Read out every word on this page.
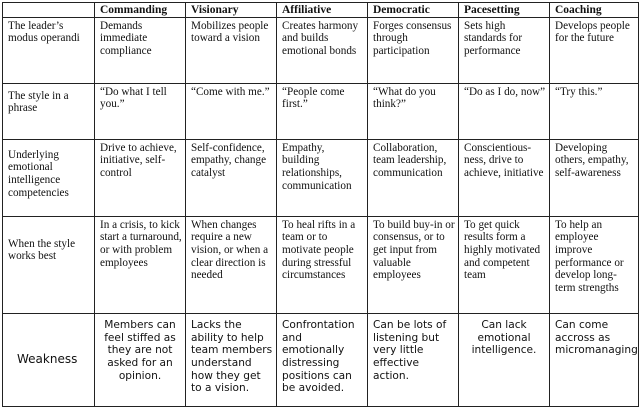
	Commanding	Visionary	Affiliative	Democratic	Pacesetting	Coaching
The leader’s modus operandi	Demands immediate compliance	Mobilizes people toward a vision	Creates harmony and builds emotional bonds	Forges consensus through participation	Sets high standards for performance	Develops people for the future
The style in a phrase	“Do what I tell you.”	“Come with me.”	“People come first.”	“What do you think?”	“Do as I do, now”	“Try this.”
Underlying emotional intelligence competencies	Drive to achieve, initiative, self-control	Self-confidence, empathy, change catalyst	Empathy, building relationships, communication	Collaboration, team leadership, communication	Conscientious-ness, drive to achieve, initiative	Developing others, empathy, self-awareness
When the style works best	In a crisis, to kick start a turnaround, or with problem employees	When changes require a new vision, or when a clear direction is needed	To heal rifts in a team or to motivate people during stressful circumstances	To build buy-in or consensus, or to get input from valuable employees	To get quick results form a highly motivated and competent team	To help an employee improve performance or develop long-term strengths
Weakness	Members can feel stiffed as they are not asked for an opinion.	Lacks the ability to help team members understand how they get to a vision.	Confrontation and emotionally distressing positions can be avoided.	Can be lots of listening but very little effective action.	Can lack emotional intelligence.	Can come accross as micromanaging
